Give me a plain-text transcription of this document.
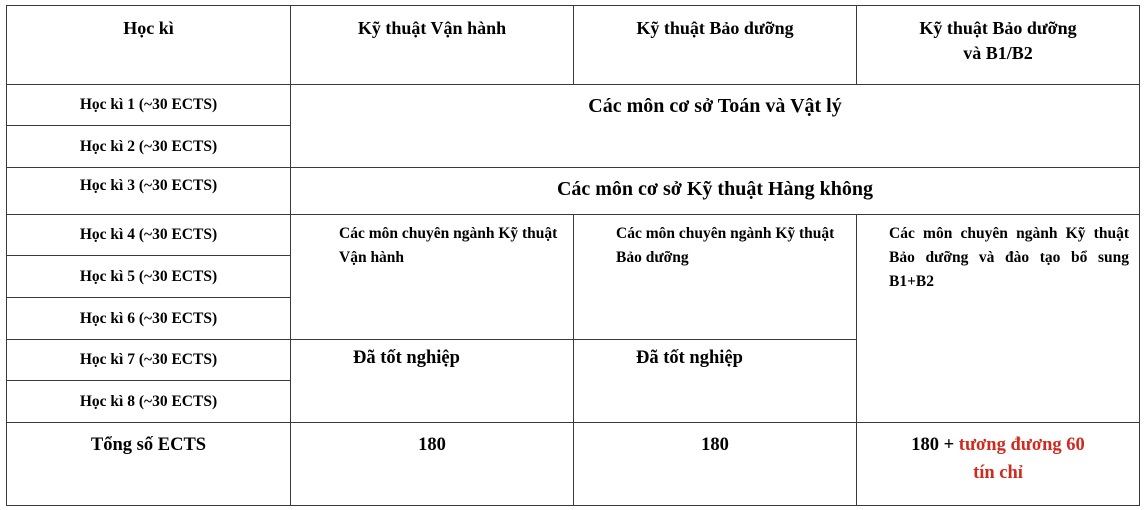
Học kì	Kỹ thuật Vận hành	Kỹ thuật Bảo dưỡng	Kỹ thuật Bảo dưỡng
và B1/B2
Học kì 1 (~30 ECTS)	Các môn cơ sở Toán và Vật lý		
Học kì 2 (~30 ECTS)			
Học kì 3 (~30 ECTS)	Các môn cơ sở Kỹ thuật Hàng không		
Học kì 4 (~30 ECTS)	Các môn chuyên ngành Kỹ thuật Vận hành	Các môn chuyên ngành Kỹ thuật Bảo dưỡng	Các môn chuyên ngành Kỹ thuật Bảo dưỡng và đào tạo bổ sung B1+B2
Học kì 5 (~30 ECTS)			
Học kì 6 (~30 ECTS)			
Học kì 7 (~30 ECTS)	Đã tốt nghiệp	Đã tốt nghiệp	
Học kì 8 (~30 ECTS)			
Tổng số ECTS	180	180	180 + tương đương 60
tín chỉ
